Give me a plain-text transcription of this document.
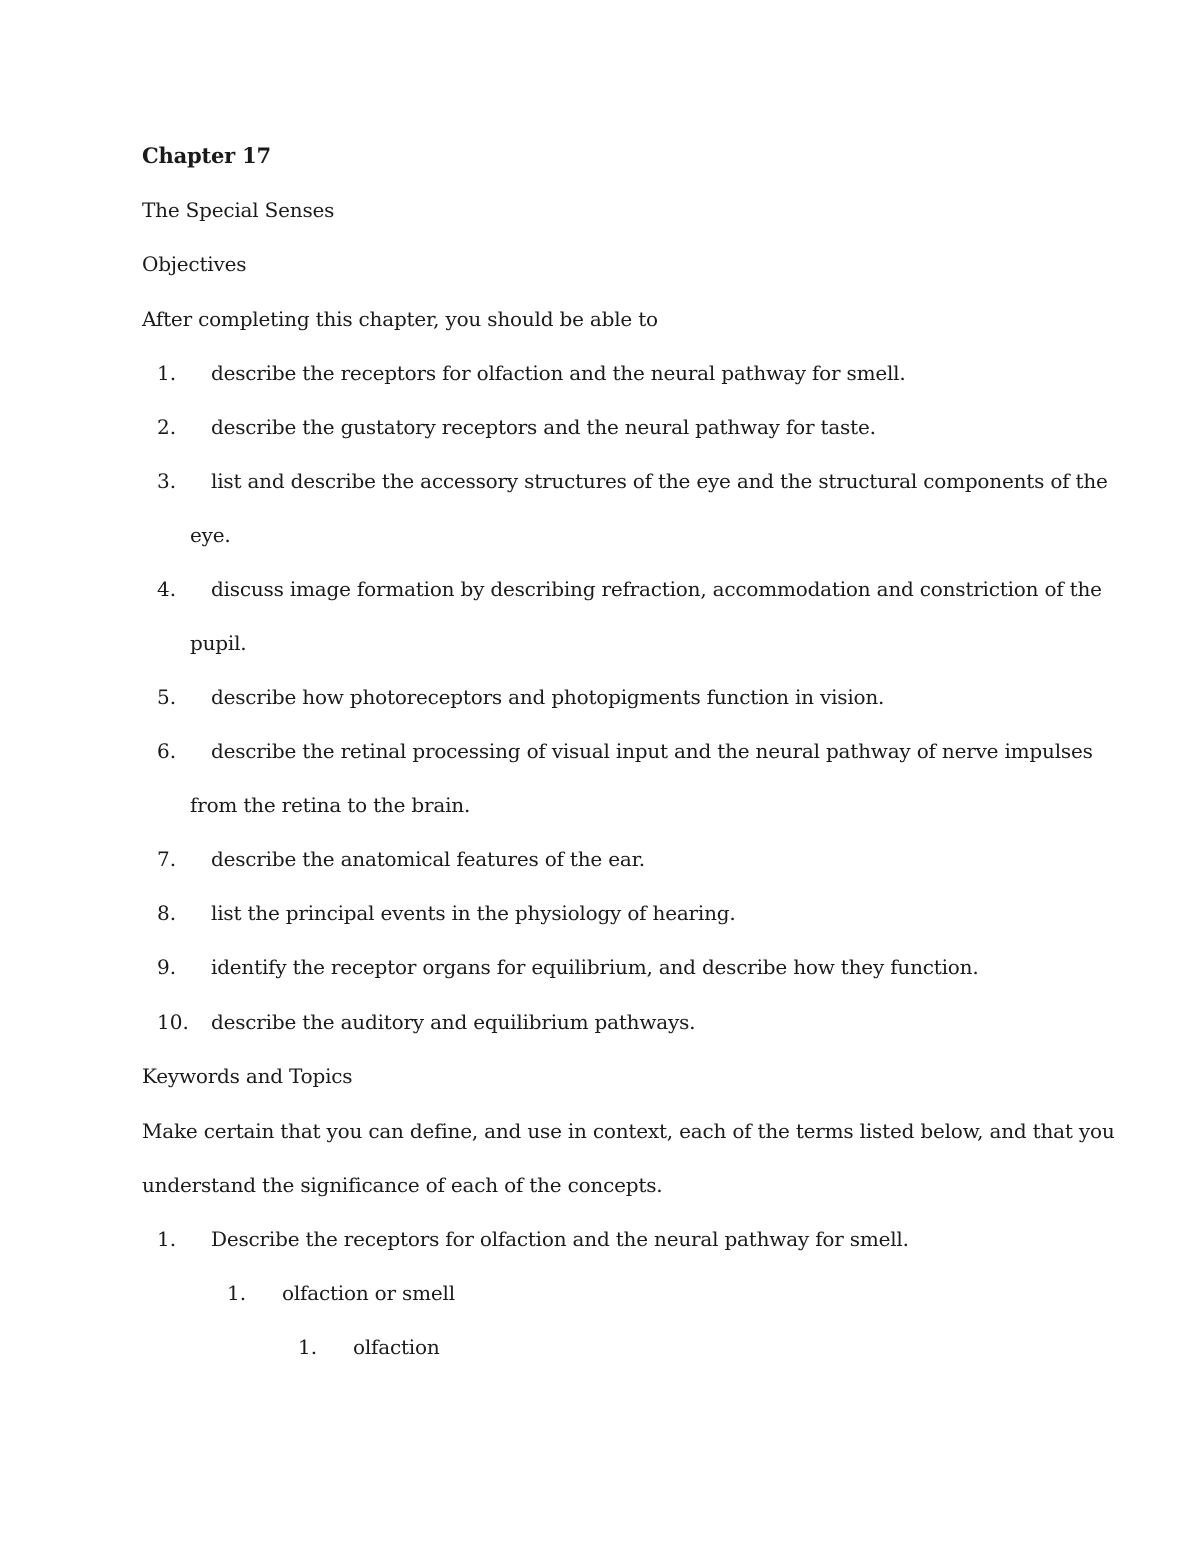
Chapter 17
The Special Senses
Objectives
After completing this chapter, you should be able to
1. describe the receptors for olfaction and the neural pathway for smell.
2. describe the gustatory receptors and the neural pathway for taste.
3. list and describe the accessory structures of the eye and the structural components of the
eye.
4. discuss image formation by describing refraction, accommodation and constriction of the
pupil.
5. describe how photoreceptors and photopigments function in vision.
6. describe the retinal processing of visual input and the neural pathway of nerve impulses
from the retina to the brain.
7. describe the anatomical features of the ear.
8. list the principal events in the physiology of hearing.
9. identify the receptor organs for equilibrium, and describe how they function.
10. describe the auditory and equilibrium pathways.
Keywords and Topics
Make certain that you can define, and use in context, each of the terms listed below, and that you
understand the significance of each of the concepts.
1. Describe the receptors for olfaction and the neural pathway for smell.
1. olfaction or smell
1. olfaction
